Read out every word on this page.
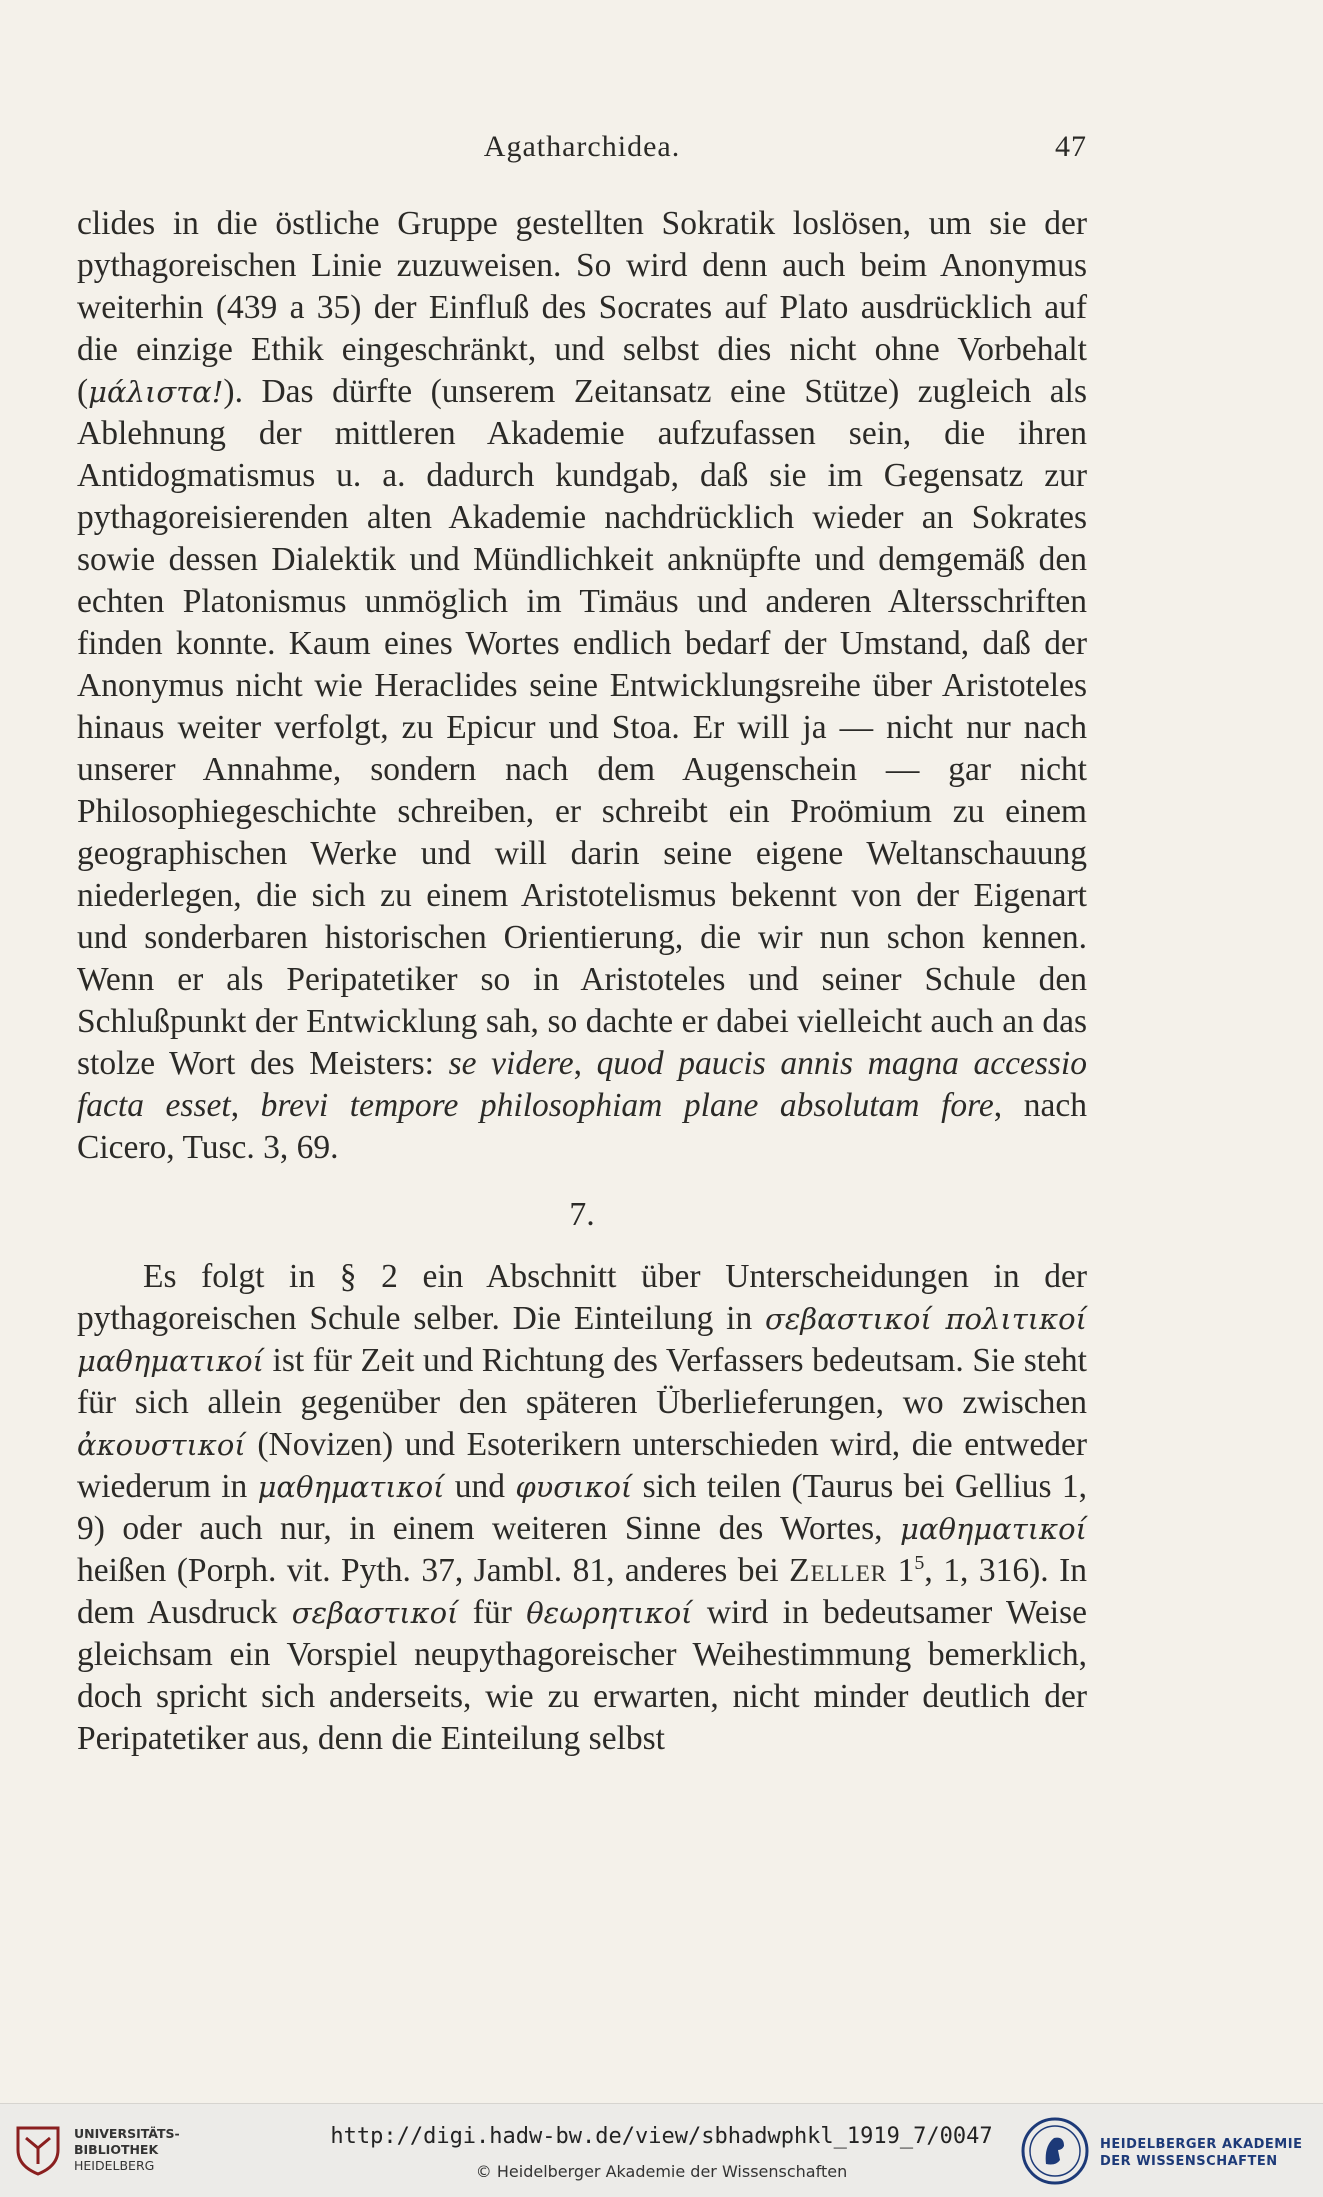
Agatharchidea.	47

clides in die östliche Gruppe gestellten Sokratik loslösen, um sie der pythagoreischen Linie zuzuweisen. So wird denn auch beim Anonymus weiterhin (439 a 35) der Einfluß des Socrates auf Plato ausdrücklich auf die einzige Ethik eingeschränkt, und selbst dies nicht ohne Vorbehalt (μάλιστα!). Das dürfte (unserem Zeitansatz eine Stütze) zugleich als Ablehnung der mittleren Akademie aufzufassen sein, die ihren Antidogmatismus u. a. dadurch kundgab, daß sie im Gegensatz zur pythagoreisierenden alten Akademie nachdrücklich wieder an Sokrates sowie dessen Dialektik und Mündlichkeit anknüpfte und demgemäß den echten Platonismus unmöglich im Timäus und anderen Altersschriften finden konnte. Kaum eines Wortes endlich bedarf der Umstand, daß der Anonymus nicht wie Heraclides seine Entwicklungsreihe über Aristoteles hinaus weiter verfolgt, zu Epicur und Stoa. Er will ja — nicht nur nach unserer Annahme, sondern nach dem Augenschein — gar nicht Philosophiegeschichte schreiben, er schreibt ein Proömium zu einem geographischen Werke und will darin seine eigene Weltanschauung niederlegen, die sich zu einem Aristotelismus bekennt von der Eigenart und sonderbaren historischen Orientierung, die wir nun schon kennen. Wenn er als Peripatetiker so in Aristoteles und seiner Schule den Schlußpunkt der Entwicklung sah, so dachte er dabei vielleicht auch an das stolze Wort des Meisters: se videre, quod paucis annis magna accessio facta esset, brevi tempore philosophiam plane absolutam fore, nach Cicero, Tusc. 3, 69.

7.

Es folgt in § 2 ein Abschnitt über Unterscheidungen in der pythagoreischen Schule selber. Die Einteilung in σεβαστικοί πολιτικοί μαθηματικοί ist für Zeit und Richtung des Verfassers bedeutsam. Sie steht für sich allein gegenüber den späteren Überlieferungen, wo zwischen ἀκουστικοί (Novizen) und Esoterikern unterschieden wird, die entweder wiederum in μαθηματικοί und φυσικοί sich teilen (Taurus bei Gellius 1, 9) oder auch nur, in einem weiteren Sinne des Wortes, μαθηματικοί heißen (Porph. vit. Pyth. 37, Jambl. 81, anderes bei Zeller $1^5$, 1, 316). In dem Ausdruck σεβαστικοί für θεωρητικοί wird in bedeutsamer Weise gleichsam ein Vorspiel neupythagoreischer Weihestimmung bemerklich, doch spricht sich anderseits, wie zu erwarten, nicht minder deutlich der Peripatetiker aus, denn die Einteilung selbst

UNIVERSITÄTS-
BIBLIOTHEK
HEIDELBERG
http://digi.hadw-bw.de/view/sbhadwphkl_1919_7/0047
© Heidelberger Akademie der Wissenschaften
HEIDELBERGER AKADEMIE
DER WISSENSCHAFTEN
